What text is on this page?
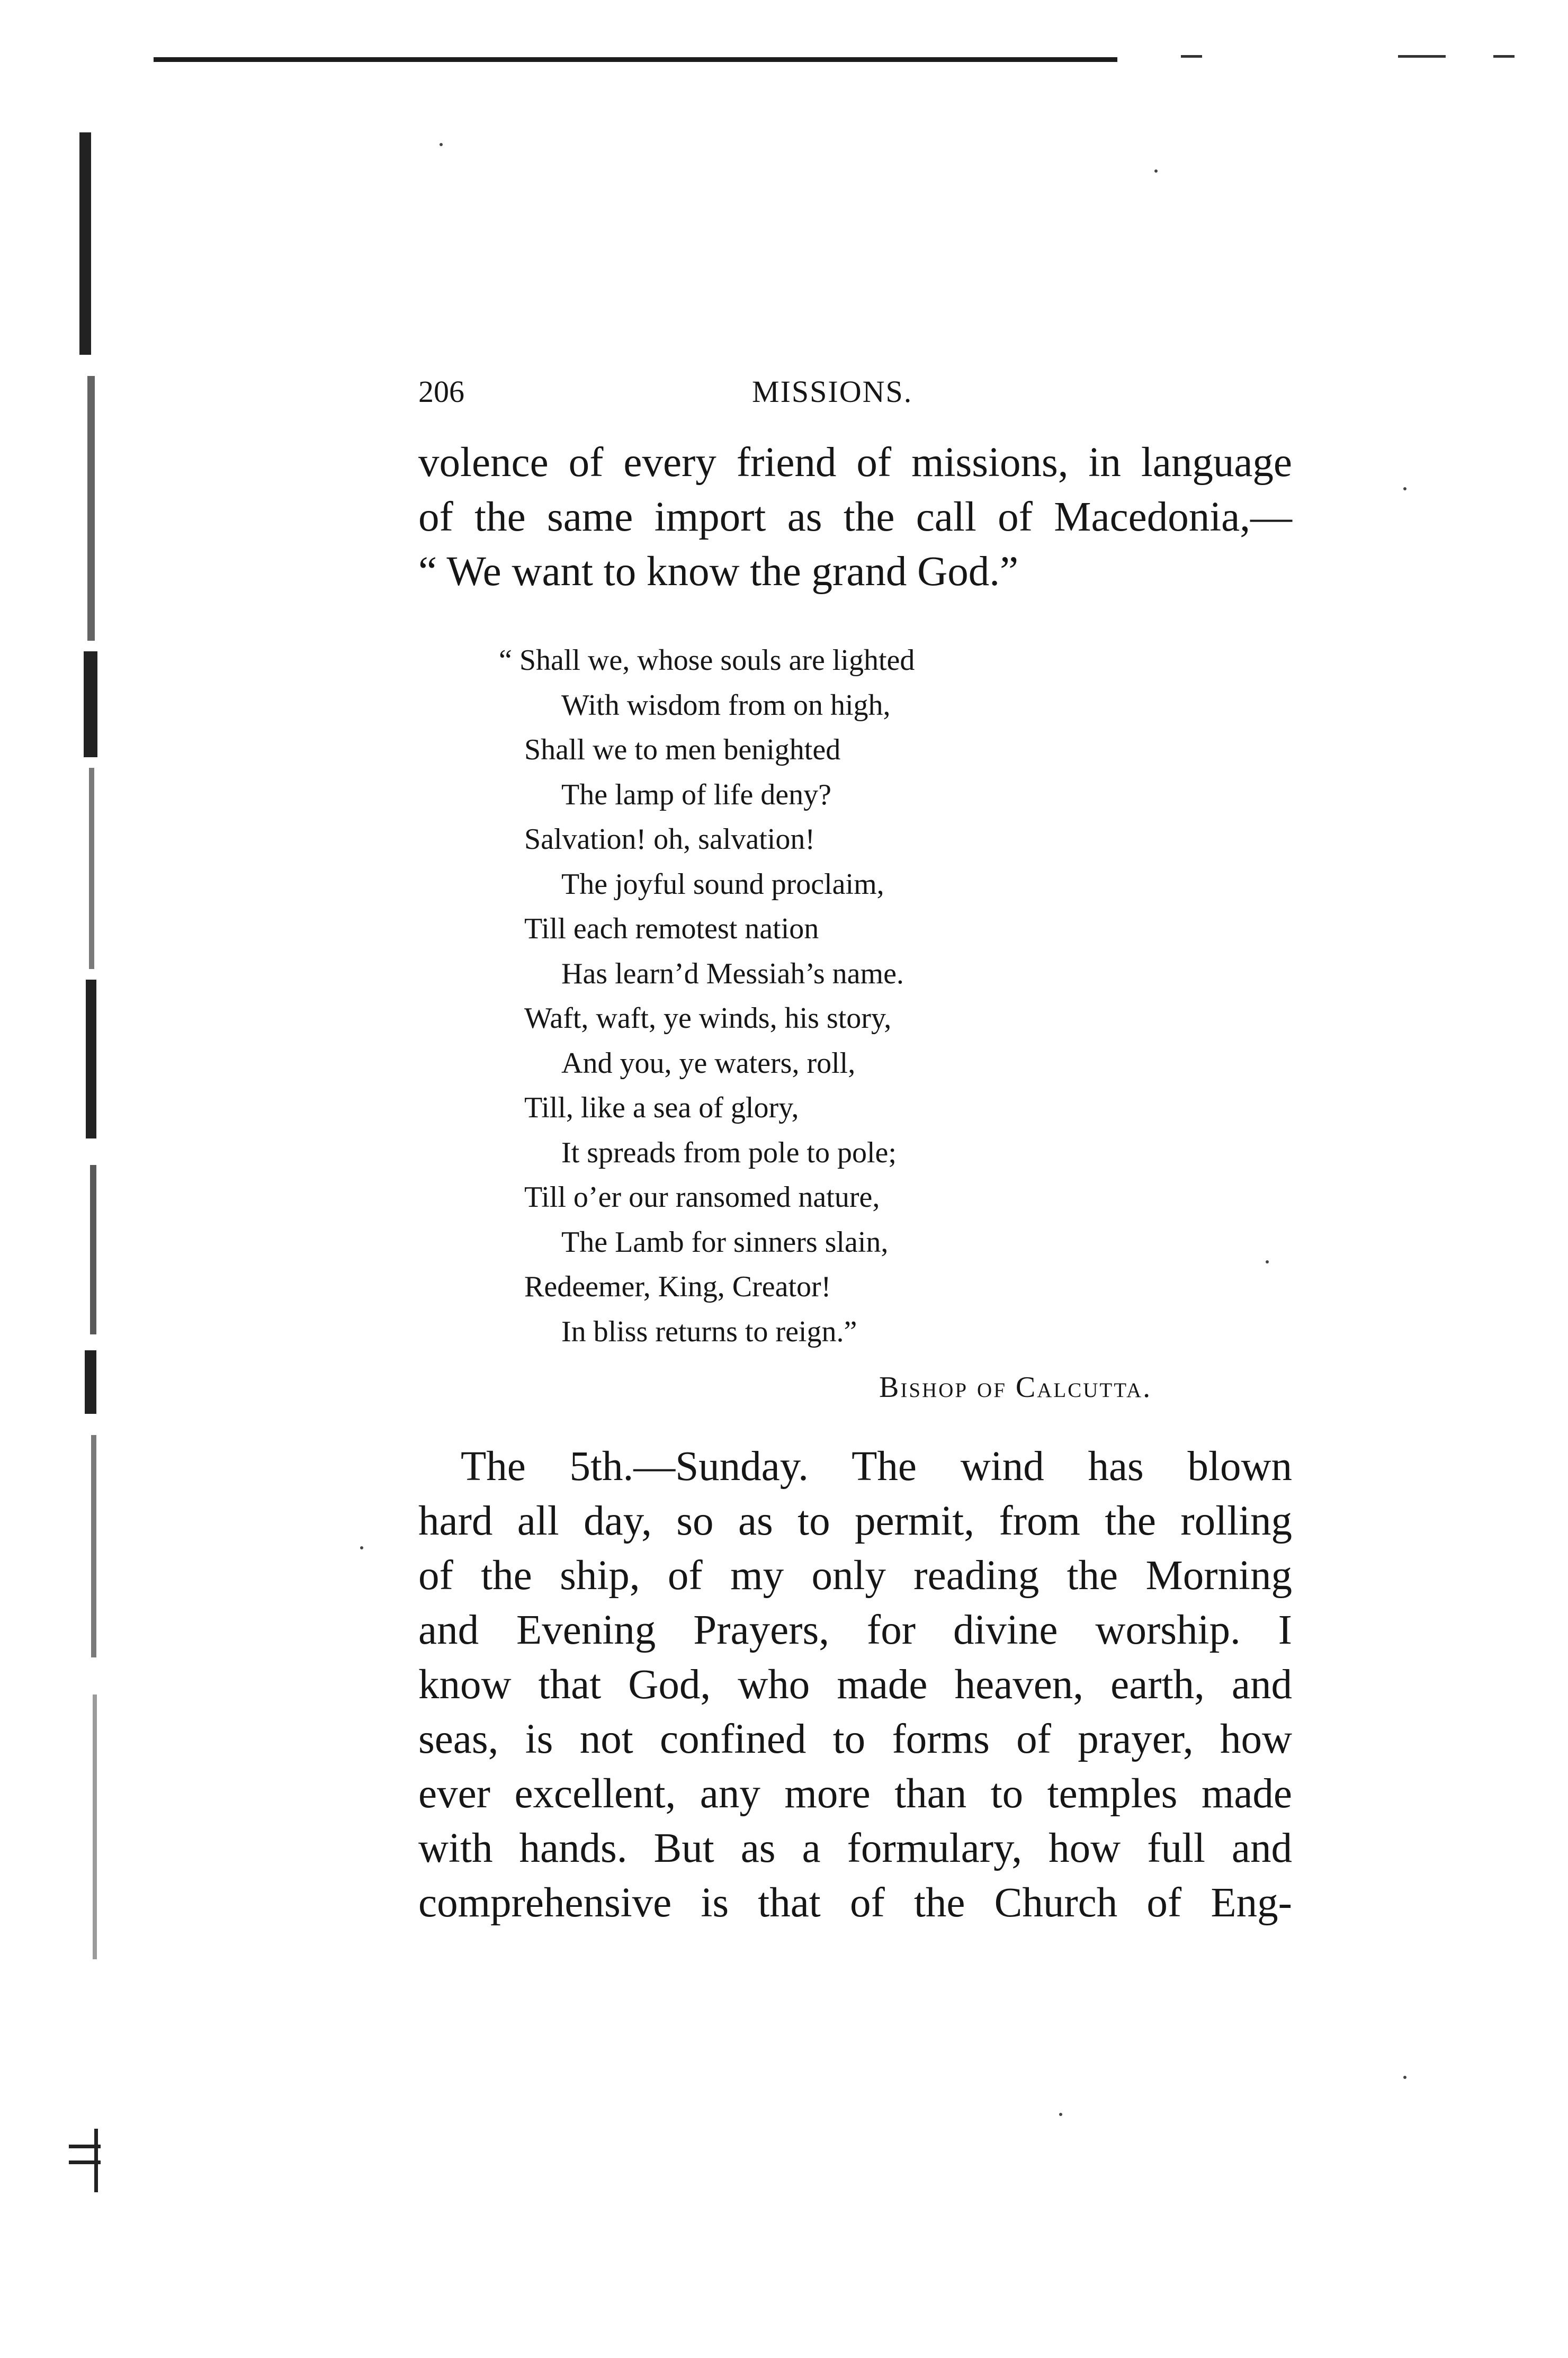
206	MISSIONS.
volence of every friend of missions, in language
of the same import as the call of Macedonia,—
“ We want to know the grand God.”
“ Shall we, whose souls are lighted
With wisdom from on high,
Shall we to men benighted
The lamp of life deny?
Salvation! oh, salvation!
The joyful sound proclaim,
Till each remotest nation
Has learn’d Messiah’s name.
Waft, waft, ye winds, his story,
And you, ye waters, roll,
Till, like a sea of glory,
It spreads from pole to pole;
Till o’er our ransomed nature,
The Lamb for sinners slain,
Redeemer, King, Creator!
In bliss returns to reign.”
Bishop of Calcutta.
The 5th.—Sunday. The wind has blown
hard all day, so as to permit, from the rolling
of the ship, of my only reading the Morning
and Evening Prayers, for divine worship. I
know that God, who made heaven, earth, and
seas, is not confined to forms of prayer, how
ever excellent, any more than to temples made
with hands. But as a formulary, how full and
comprehensive is that of the Church of Eng-
